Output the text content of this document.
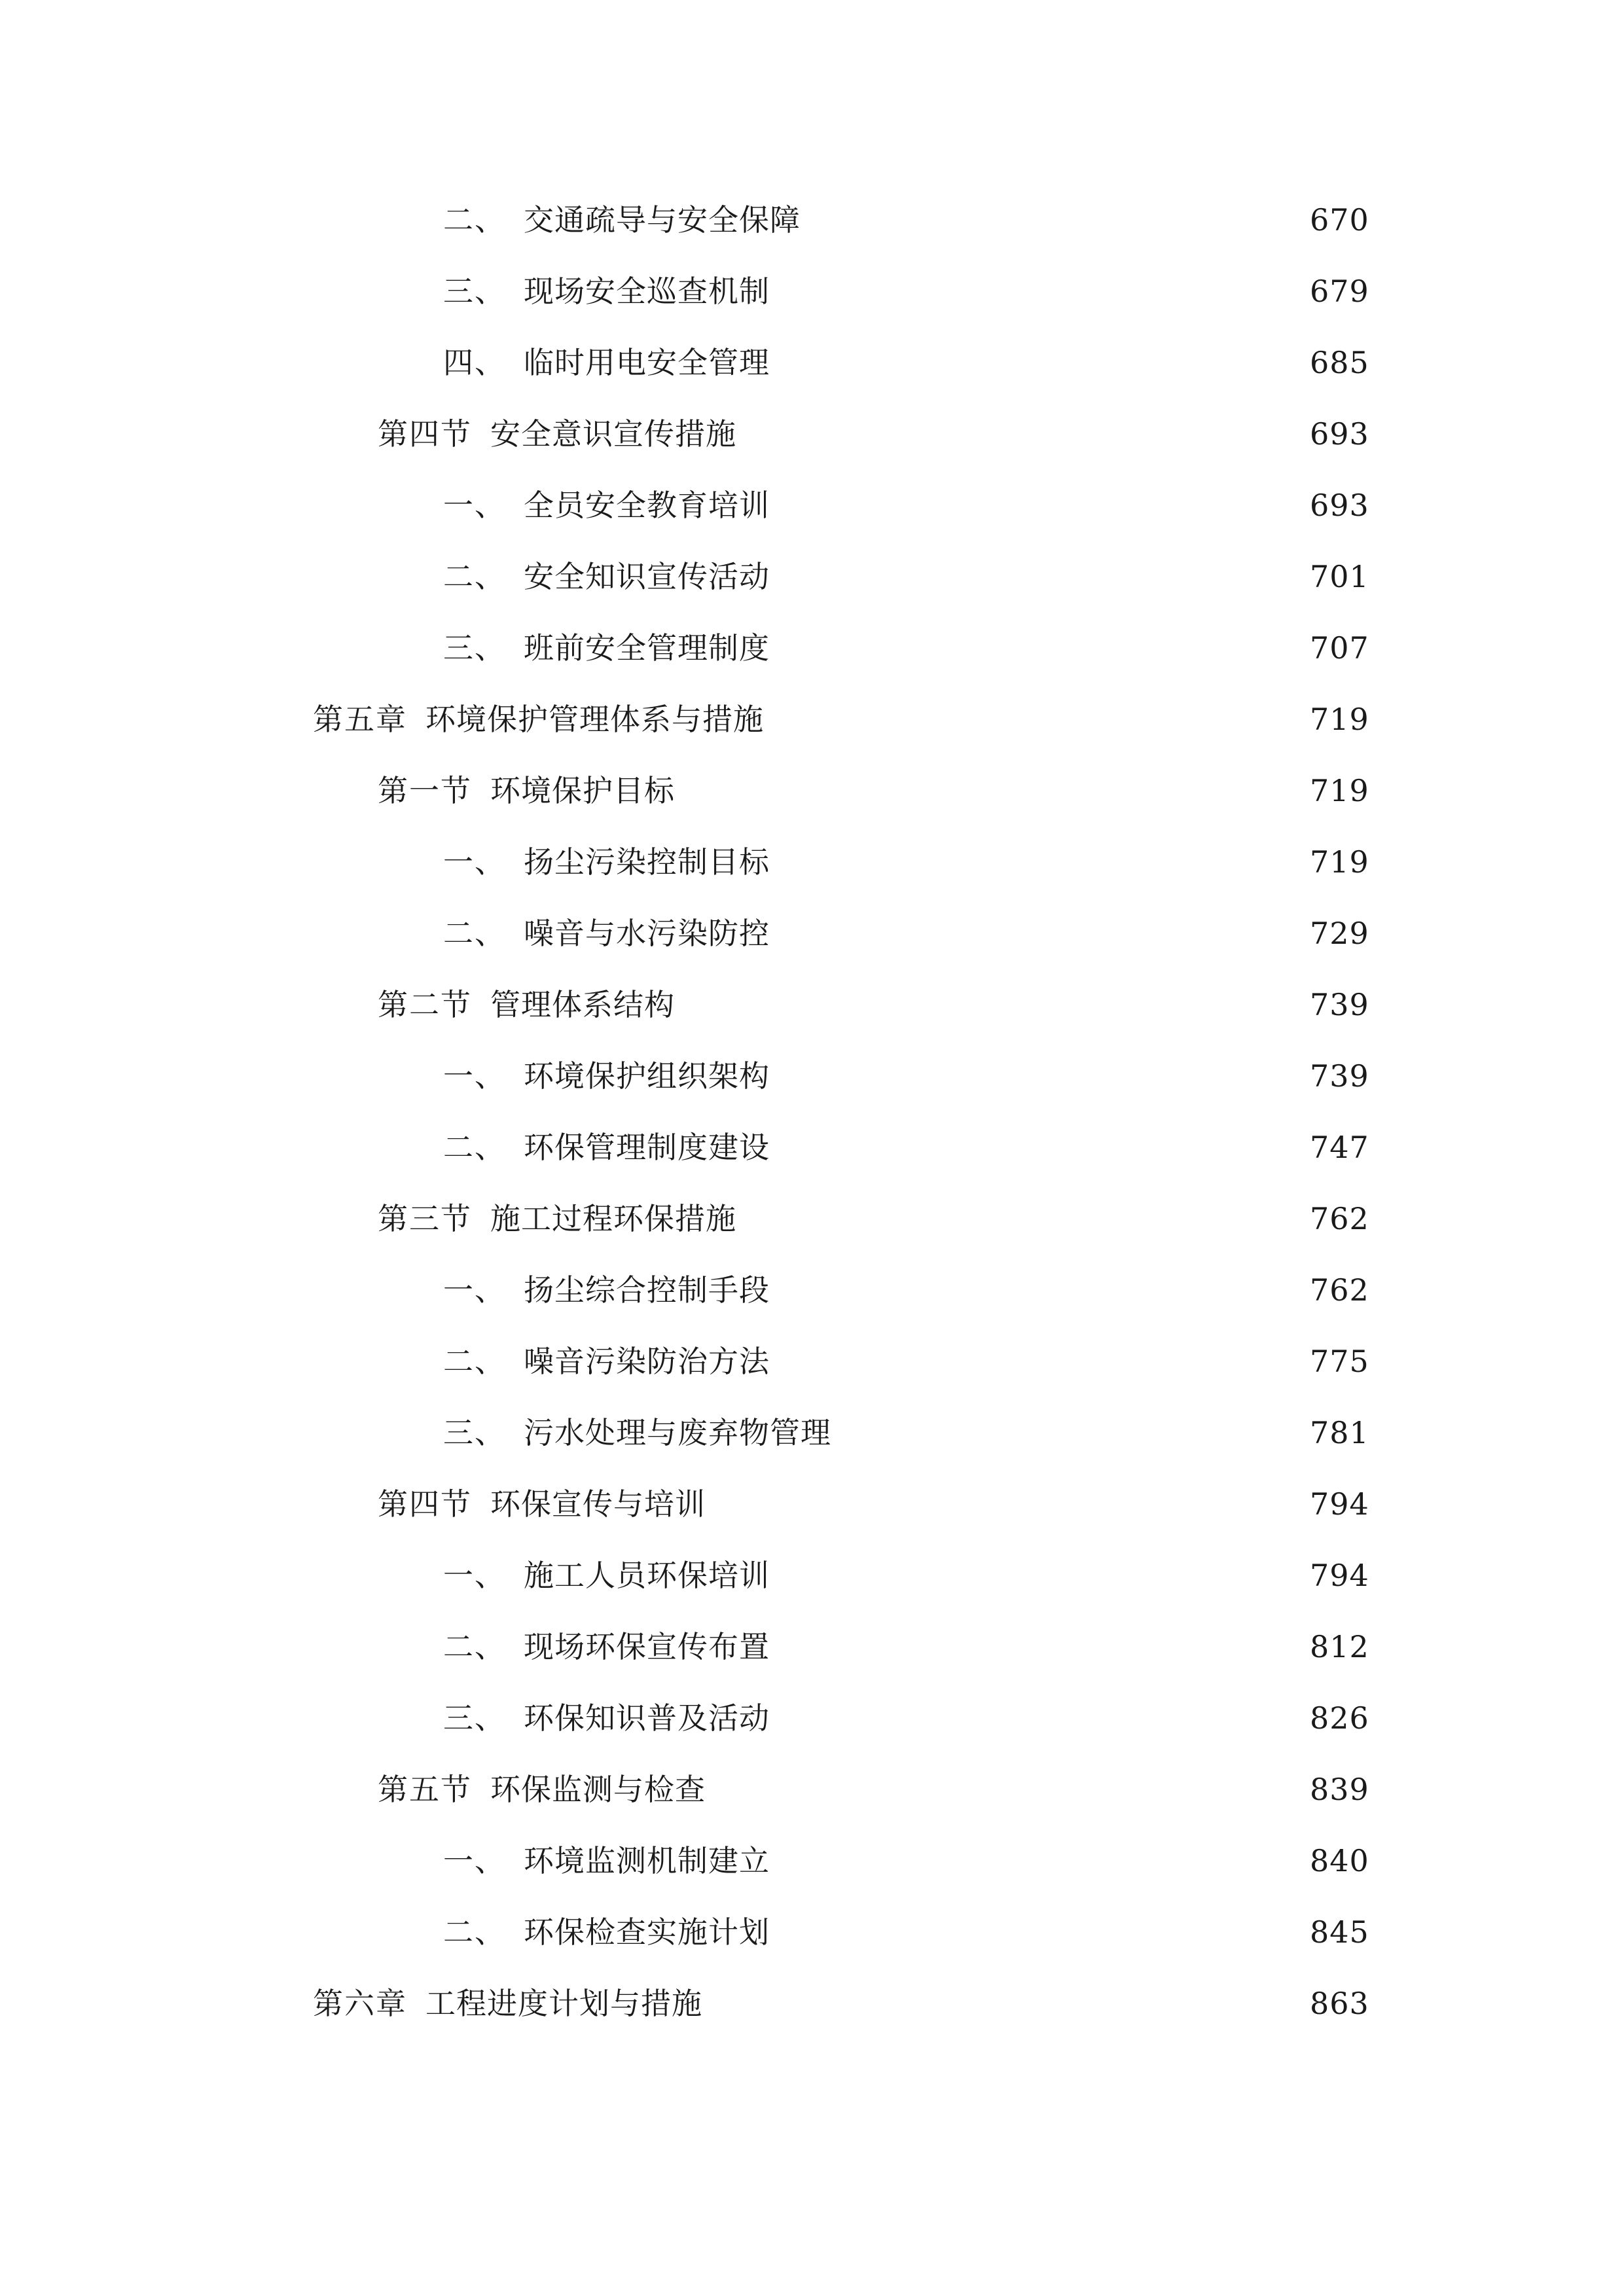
二、 交通疏导与安全保障	670
三、 现场安全巡查机制	679
四、 临时用电安全管理	685
第四节 安全意识宣传措施	693
一、 全员安全教育培训	693
二、 安全知识宣传活动	701
三、 班前安全管理制度	707
第五章 环境保护管理体系与措施	719
第一节 环境保护目标	719
一、 扬尘污染控制目标	719
二、 噪音与水污染防控	729
第二节 管理体系结构	739
一、 环境保护组织架构	739
二、 环保管理制度建设	747
第三节 施工过程环保措施	762
一、 扬尘综合控制手段	762
二、 噪音污染防治方法	775
三、 污水处理与废弃物管理	781
第四节 环保宣传与培训	794
一、 施工人员环保培训	794
二、 现场环保宣传布置	812
三、 环保知识普及活动	826
第五节 环保监测与检查	839
一、 环境监测机制建立	840
二、 环保检查实施计划	845
第六章 工程进度计划与措施	863
